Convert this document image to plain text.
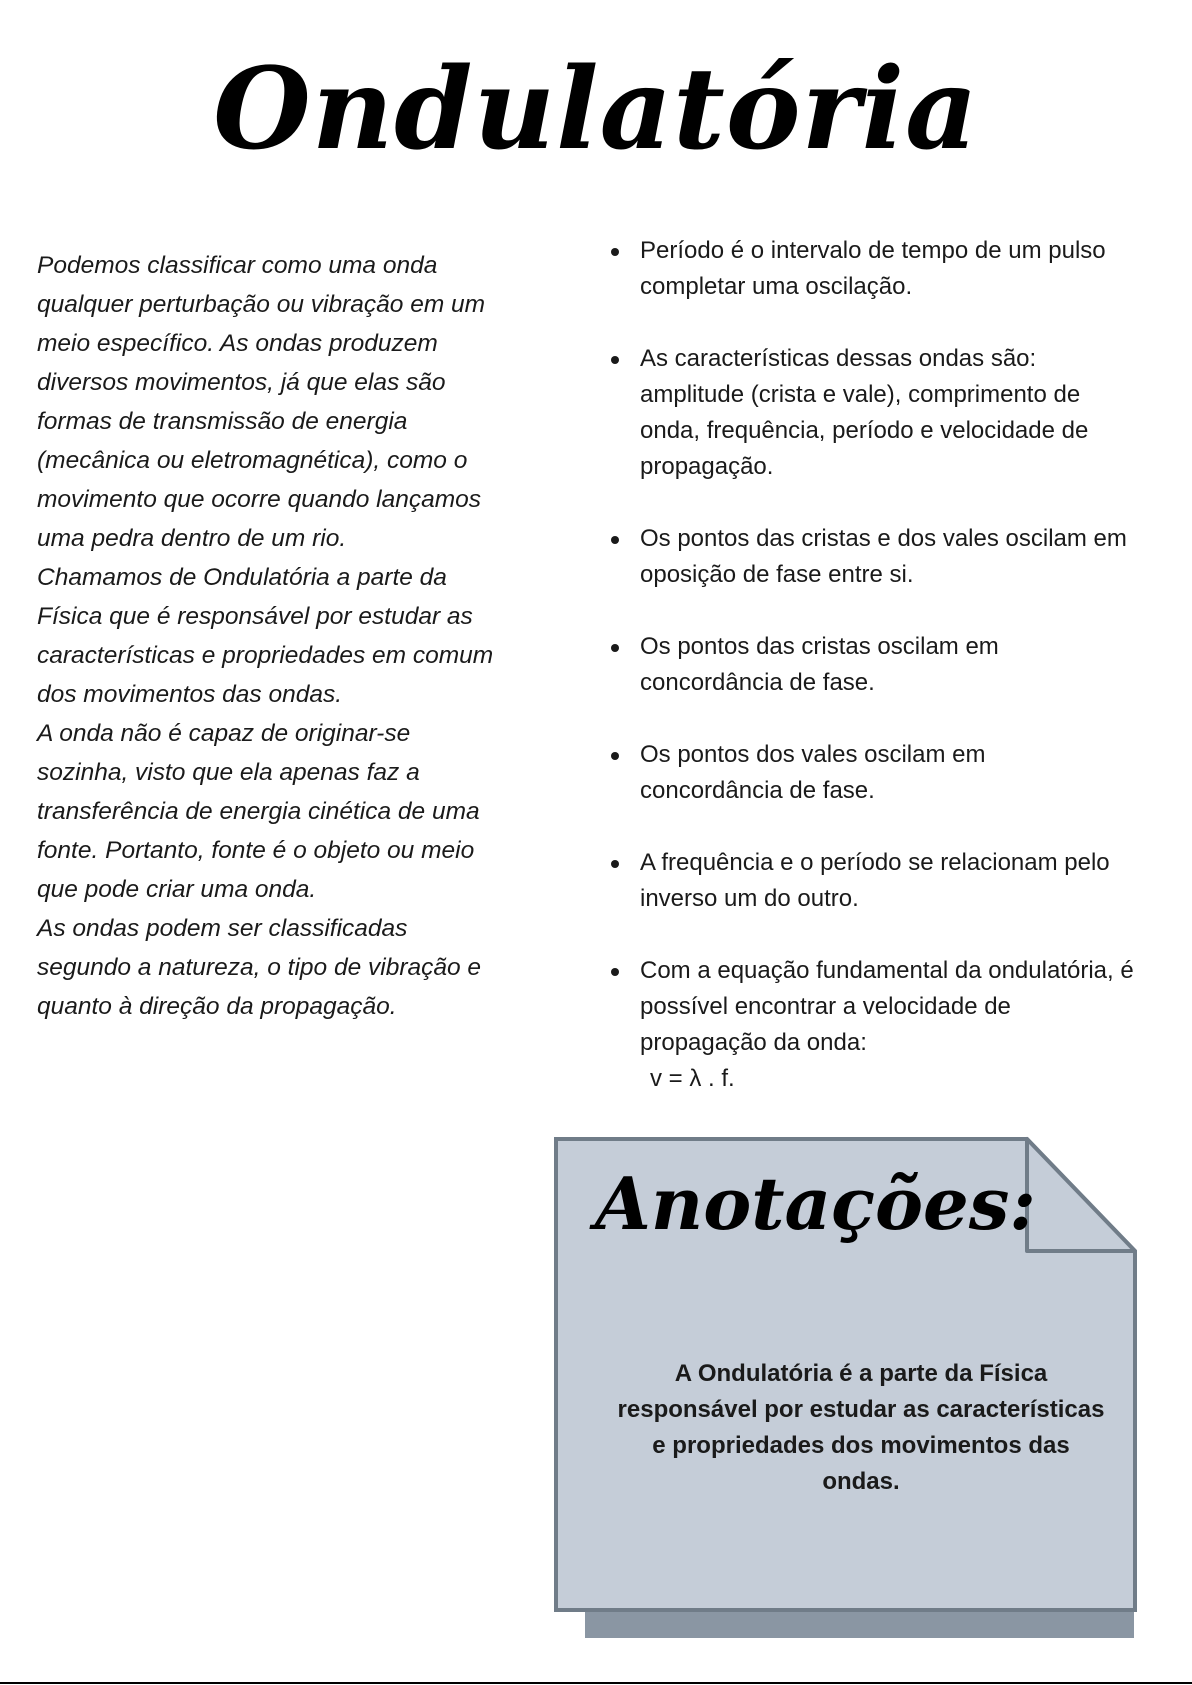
Ondulatória

Podemos classificar como uma onda qualquer perturbação ou vibração em um meio específico. As ondas produzem diversos movimentos, já que elas são formas de transmissão de energia (mecânica ou eletromagnética), como o movimento que ocorre quando lançamos uma pedra dentro de um rio.

Chamamos de Ondulatória a parte da Física que é responsável por estudar as características e propriedades em comum dos movimentos das ondas.

A onda não é capaz de originar-se sozinha, visto que ela apenas faz a transferência de energia cinética de uma fonte. Portanto, fonte é o objeto ou meio que pode criar uma onda.

As ondas podem ser classificadas segundo a natureza, o tipo de vibração e quanto à direção da propagação.

Período é o intervalo de tempo de um pulso completar uma oscilação.
As características dessas ondas são: amplitude (crista e vale), comprimento de onda, frequência, período e velocidade de propagação.
Os pontos das cristas e dos vales oscilam em oposição de fase entre si.
Os pontos das cristas oscilam em concordância de fase.
Os pontos dos vales oscilam em concordância de fase.
A frequência e o período se relacionam pelo inverso um do outro.
Com a equação fundamental da ondulatória, é possível encontrar a velocidade de propagação da onda:
v = λ . f.
Anotações:
A Ondulatória é a parte da Física responsável por estudar as características e propriedades dos movimentos das ondas.
